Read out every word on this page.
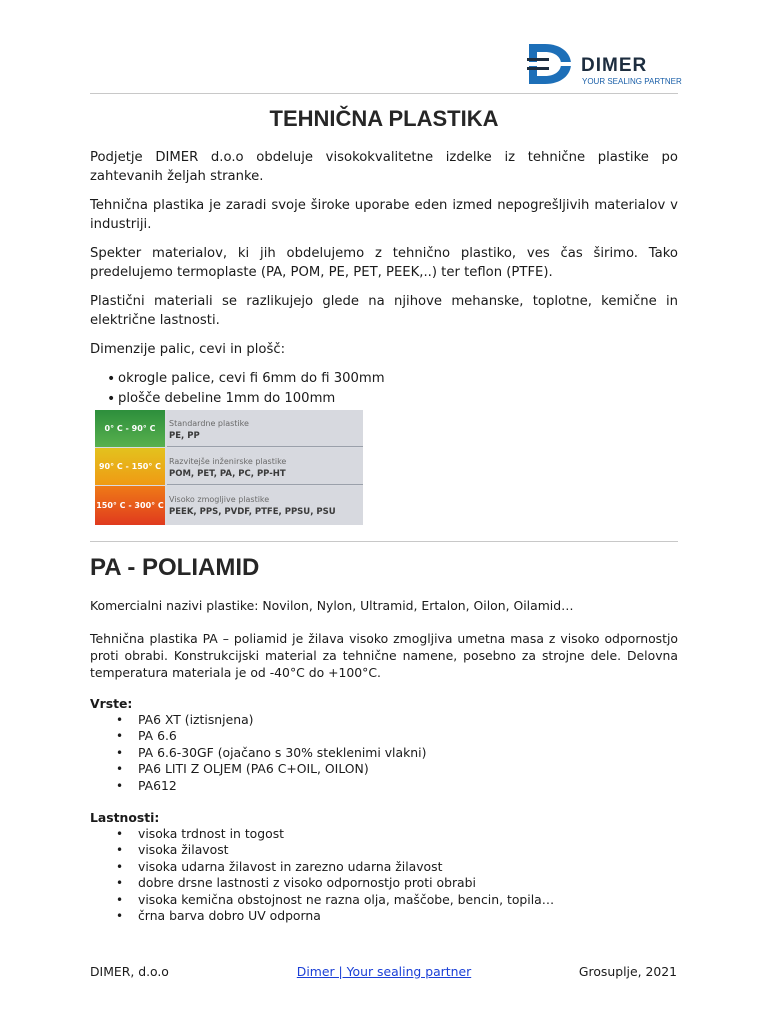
DIMER
YOUR SEALING PARTNER
TEHNIČNA PLASTIKA

Podjetje DIMER d.o.o obdeluje visokokvalitetne izdelke iz tehnične plastike po zahtevanih željah stranke.

Tehnična plastika je zaradi svoje široke uporabe eden izmed nepogrešljivih materialov v industriji.

Spekter materialov, ki jih obdelujemo z tehnično plastiko, ves čas širimo. Tako predelujemo termoplaste (PA, POM, PE, PET, PEEK,..) ter teflon (PTFE).

Plastični materiali se razlikujejo glede na njihove mehanske, toplotne, kemične in električne lastnosti.

Dimenzije palic, cevi in plošč:

• okrogle palice, cevi fi 6mm do fi 300mm
• plošče debeline 1mm do 100mm
0° C - 90° C
Standardne plastike
PE, PP
90° C - 150° C
Razvitejše inženirske plastike
POM, PET, PA, PC, PP-HT
150° C - 300° C
Visoko zmogljive plastike
PEEK, PPS, PVDF, PTFE, PPSU, PSU
PA - POLIAMID

Komercialni nazivi plastike: Novilon, Nylon, Ultramid, Ertalon, Oilon, Oilamid…

Tehnična plastika PA – poliamid je žilava visoko zmogljiva umetna masa z visoko odpornostjo proti obrabi. Konstrukcijski material za tehnične namene, posebno za strojne dele. Delovna temperatura materiala je od -40°C do +100°C.

Vrste:
• PA6 XT (iztisnjena)
• PA 6.6
• PA 6.6-30GF (ojačano s 30% steklenimi vlakni)
• PA6 LITI Z OLJEM (PA6 C+OIL, OILON)
• PA612
Lastnosti:
• visoka trdnost in togost
• visoka žilavost
• visoka udarna žilavost in zarezno udarna žilavost
• dobre drsne lastnosti z visoko odpornostjo proti obrabi
• visoka kemična obstojnost ne razna olja, maščobe, bencin, topila…
• črna barva dobro UV odporna
DIMER, d.o.o	Dimer | Your sealing partner	Grosuplje, 2021
